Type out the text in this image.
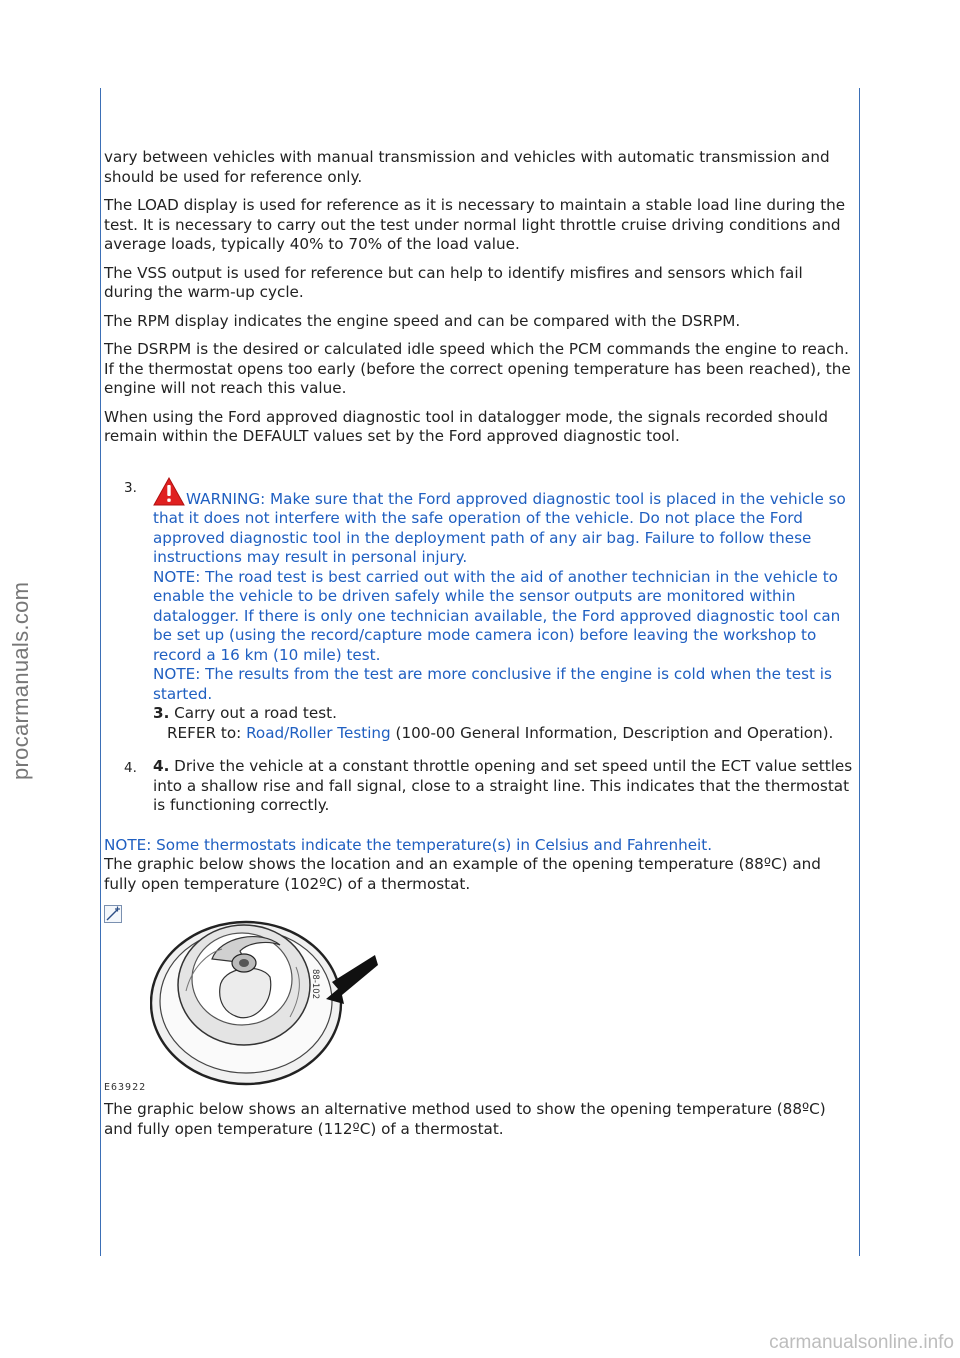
procarmanuals.com
carmanualsonline.info

vary between vehicles with manual transmission and vehicles with automatic transmission and should be used for reference only.

The LOAD display is used for reference as it is necessary to maintain a stable load line during the test. It is necessary to carry out the test under normal light throttle cruise driving conditions and average loads, typically 40% to 70% of the load value.

The VSS output is used for reference but can help to identify misfires and sensors which fail during the warm-up cycle.

The RPM display indicates the engine speed and can be compared with the DSRPM.

The DSRPM is the desired or calculated idle speed which the PCM commands the engine to reach. If the thermostat opens too early (before the correct opening temperature has been reached), the engine will not reach this value.

When using the Ford approved diagnostic tool in datalogger mode, the signals recorded should remain within the DEFAULT values set by the Ford approved diagnostic tool.

3.
WARNING: Make sure that the Ford approved diagnostic tool is placed in the vehicle so that it does not interfere with the safe operation of the vehicle. Do not place the Ford approved diagnostic tool in the deployment path of any air bag. Failure to follow these instructions may result in personal injury.
NOTE: The road test is best carried out with the aid of another technician in the vehicle to enable the vehicle to be driven safely while the sensor outputs are monitored within datalogger. If there is only one technician available, the Ford approved diagnostic tool can be set up (using the record/capture mode camera icon) before leaving the workshop to record a 16 km (10 mile) test.
NOTE: The results from the test are more conclusive if the engine is cold when the test is started.
3. Carry out a road test.
REFER to: Road/Roller Testing (100-00 General Information, Description and Operation).
4. 4. Drive the vehicle at a constant throttle opening and set speed until the ECT value settles into a shallow rise and fall signal, close to a straight line. This indicates that the thermostat is functioning correctly.
NOTE: Some thermostats indicate the temperature(s) in Celsius and Fahrenheit.

The graphic below shows the location and an example of the opening temperature (88ºC) and fully open temperature (102ºC) of a thermostat.

88-102
E63922

The graphic below shows an alternative method used to show the opening temperature (88ºC) and fully open temperature (112ºC) of a thermostat.
